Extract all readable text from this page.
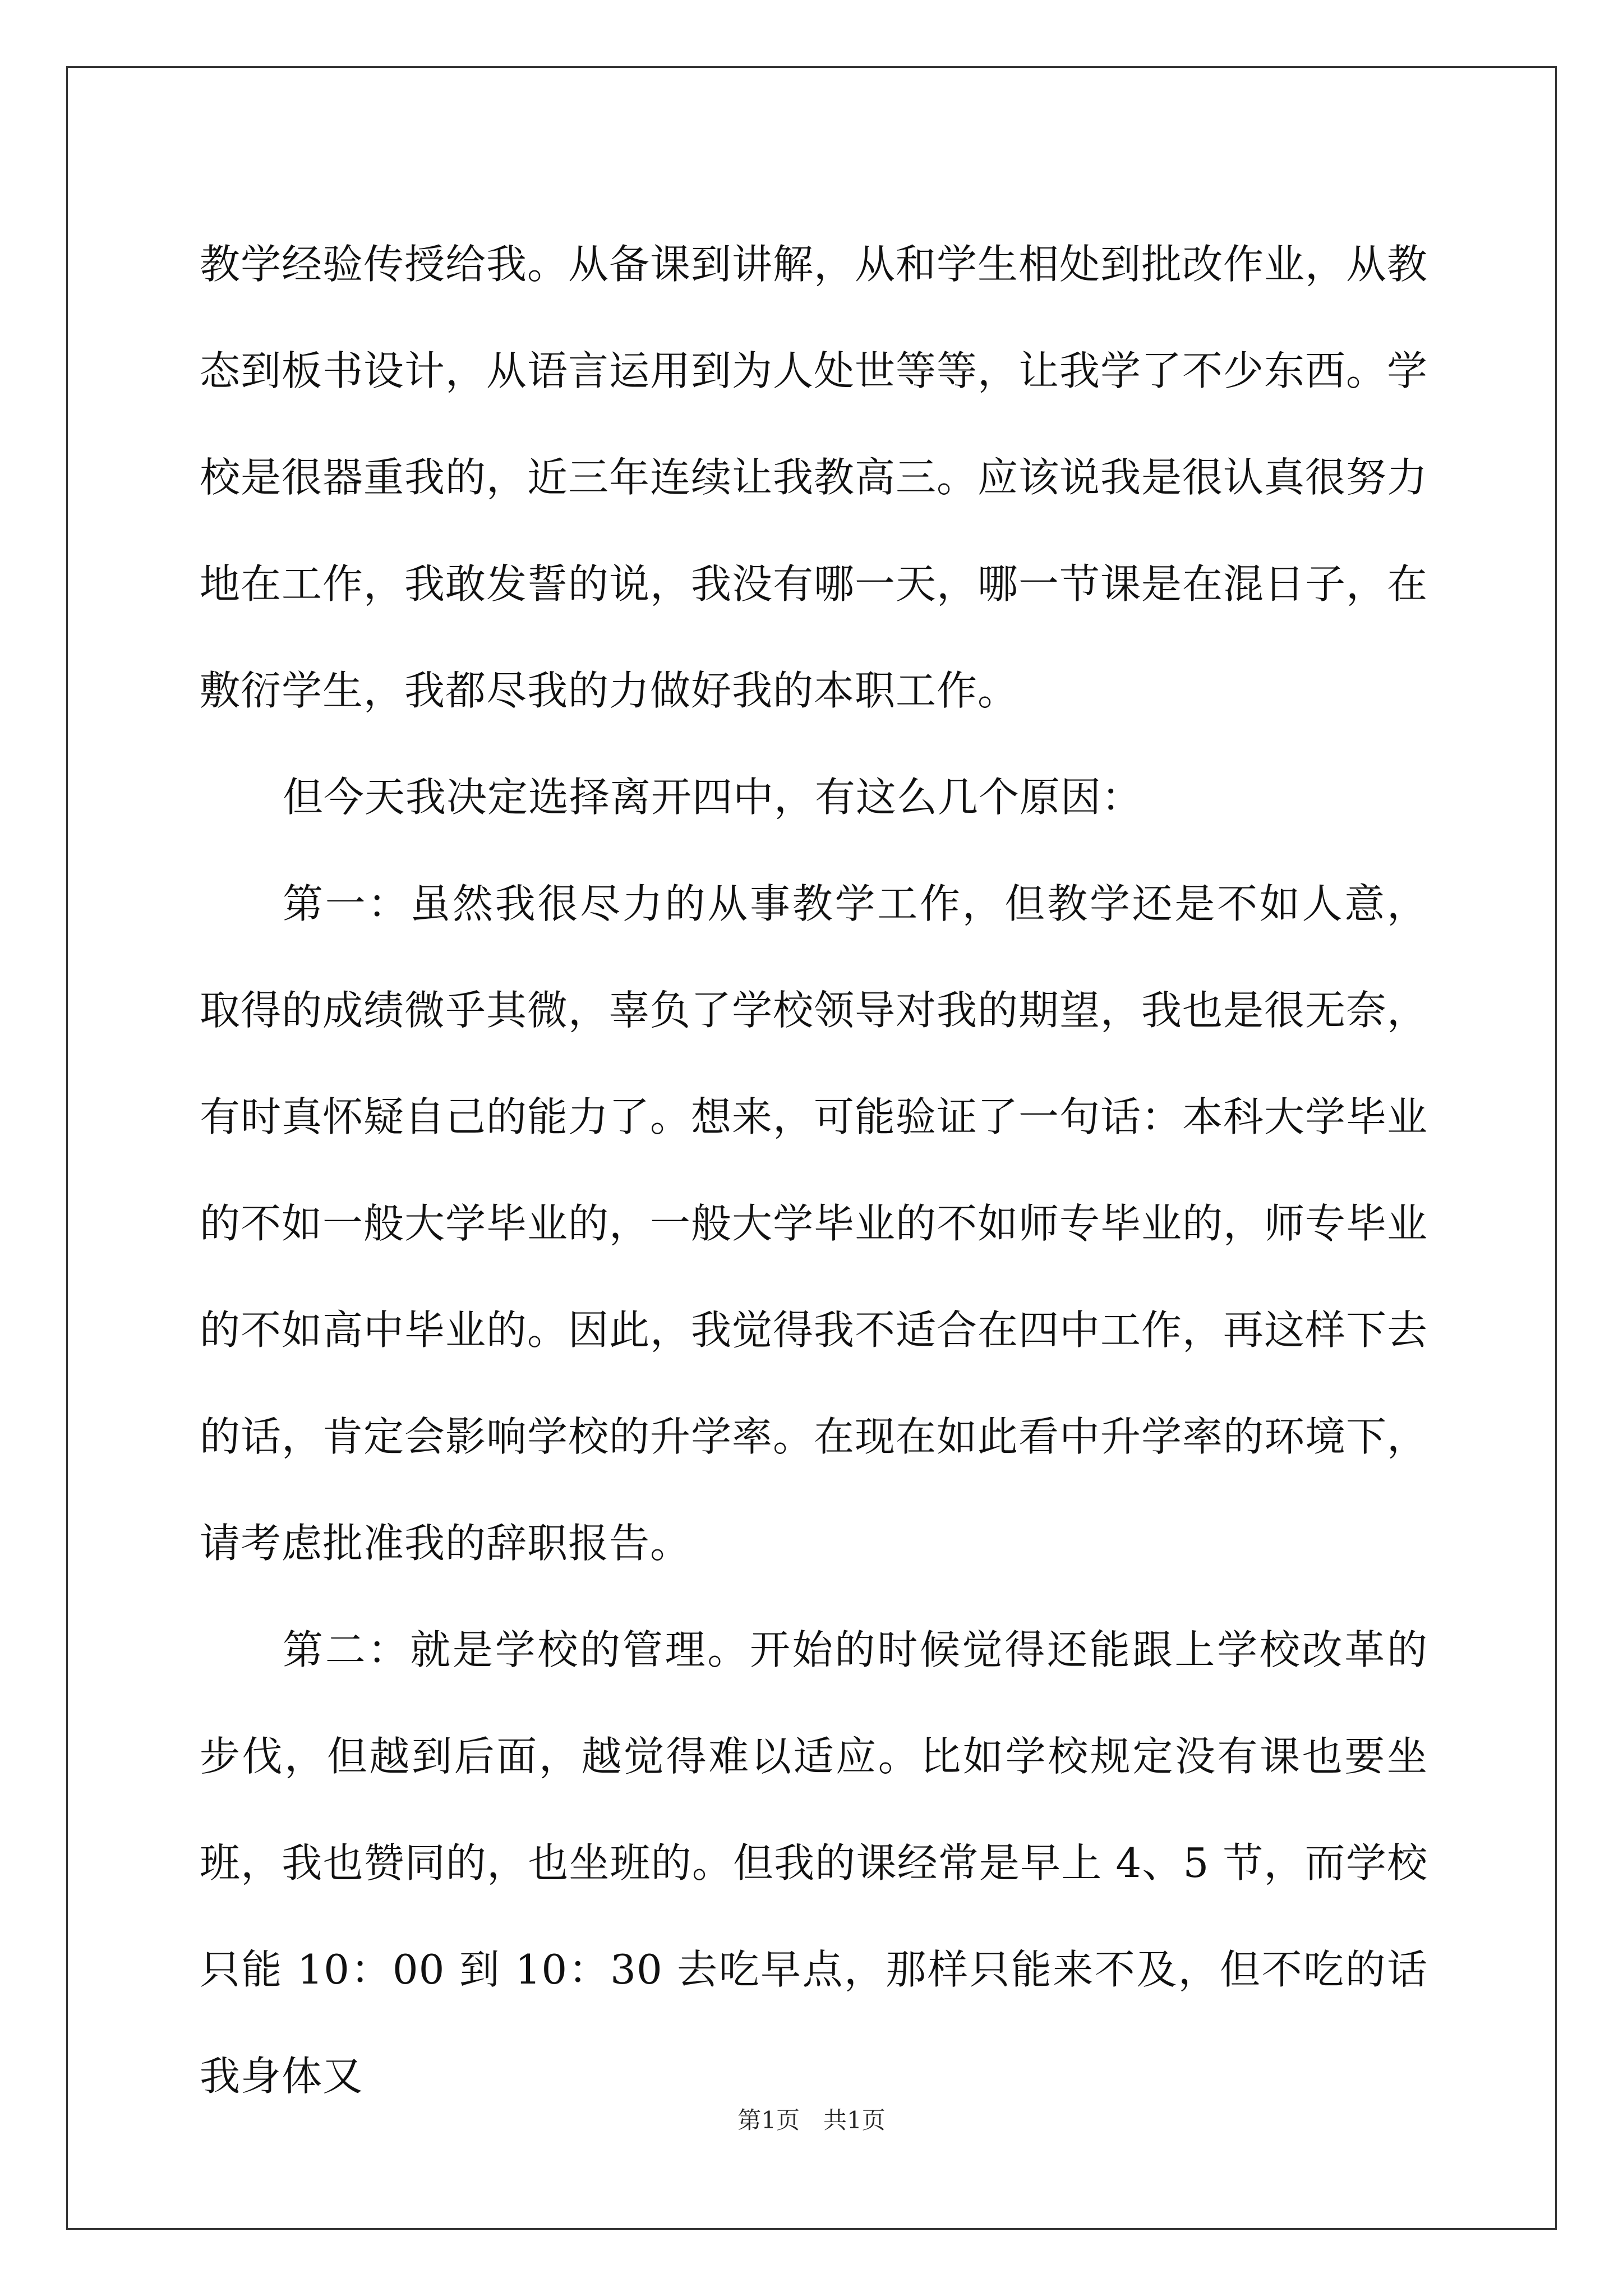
教学经验传授给我。从备课到讲解，从和学生相处到批改作业，从教态到板书设计，从语言运用到为人处世等等，让我学了不少东西。学校是很器重我的，近三年连续让我教高三。应该说我是很认真很努力地在工作，我敢发誓的说，我没有哪一天，哪一节课是在混日子，在敷衍学生，我都尽我的力做好我的本职工作。

但今天我决定选择离开四中，有这么几个原因：

第一：虽然我很尽力的从事教学工作，但教学还是不如人意，取得的成绩微乎其微，辜负了学校领导对我的期望，我也是很无奈，有时真怀疑自己的能力了。想来，可能验证了一句话：本科大学毕业的不如一般大学毕业的，一般大学毕业的不如师专毕业的，师专毕业的不如高中毕业的。因此，我觉得我不适合在四中工作，再这样下去的话，肯定会影响学校的升学率。在现在如此看中升学率的环境下，请考虑批准我的辞职报告。

第二：就是学校的管理。开始的时候觉得还能跟上学校改革的步伐，但越到后面，越觉得难以适应。比如学校规定没有课也要坐班，我也赞同的，也坐班的。但我的课经常是早上 4、5 节，而学校只能 10：00 到 10：30 去吃早点，那样只能来不及，但不吃的话我身体又

第1页　共1页
